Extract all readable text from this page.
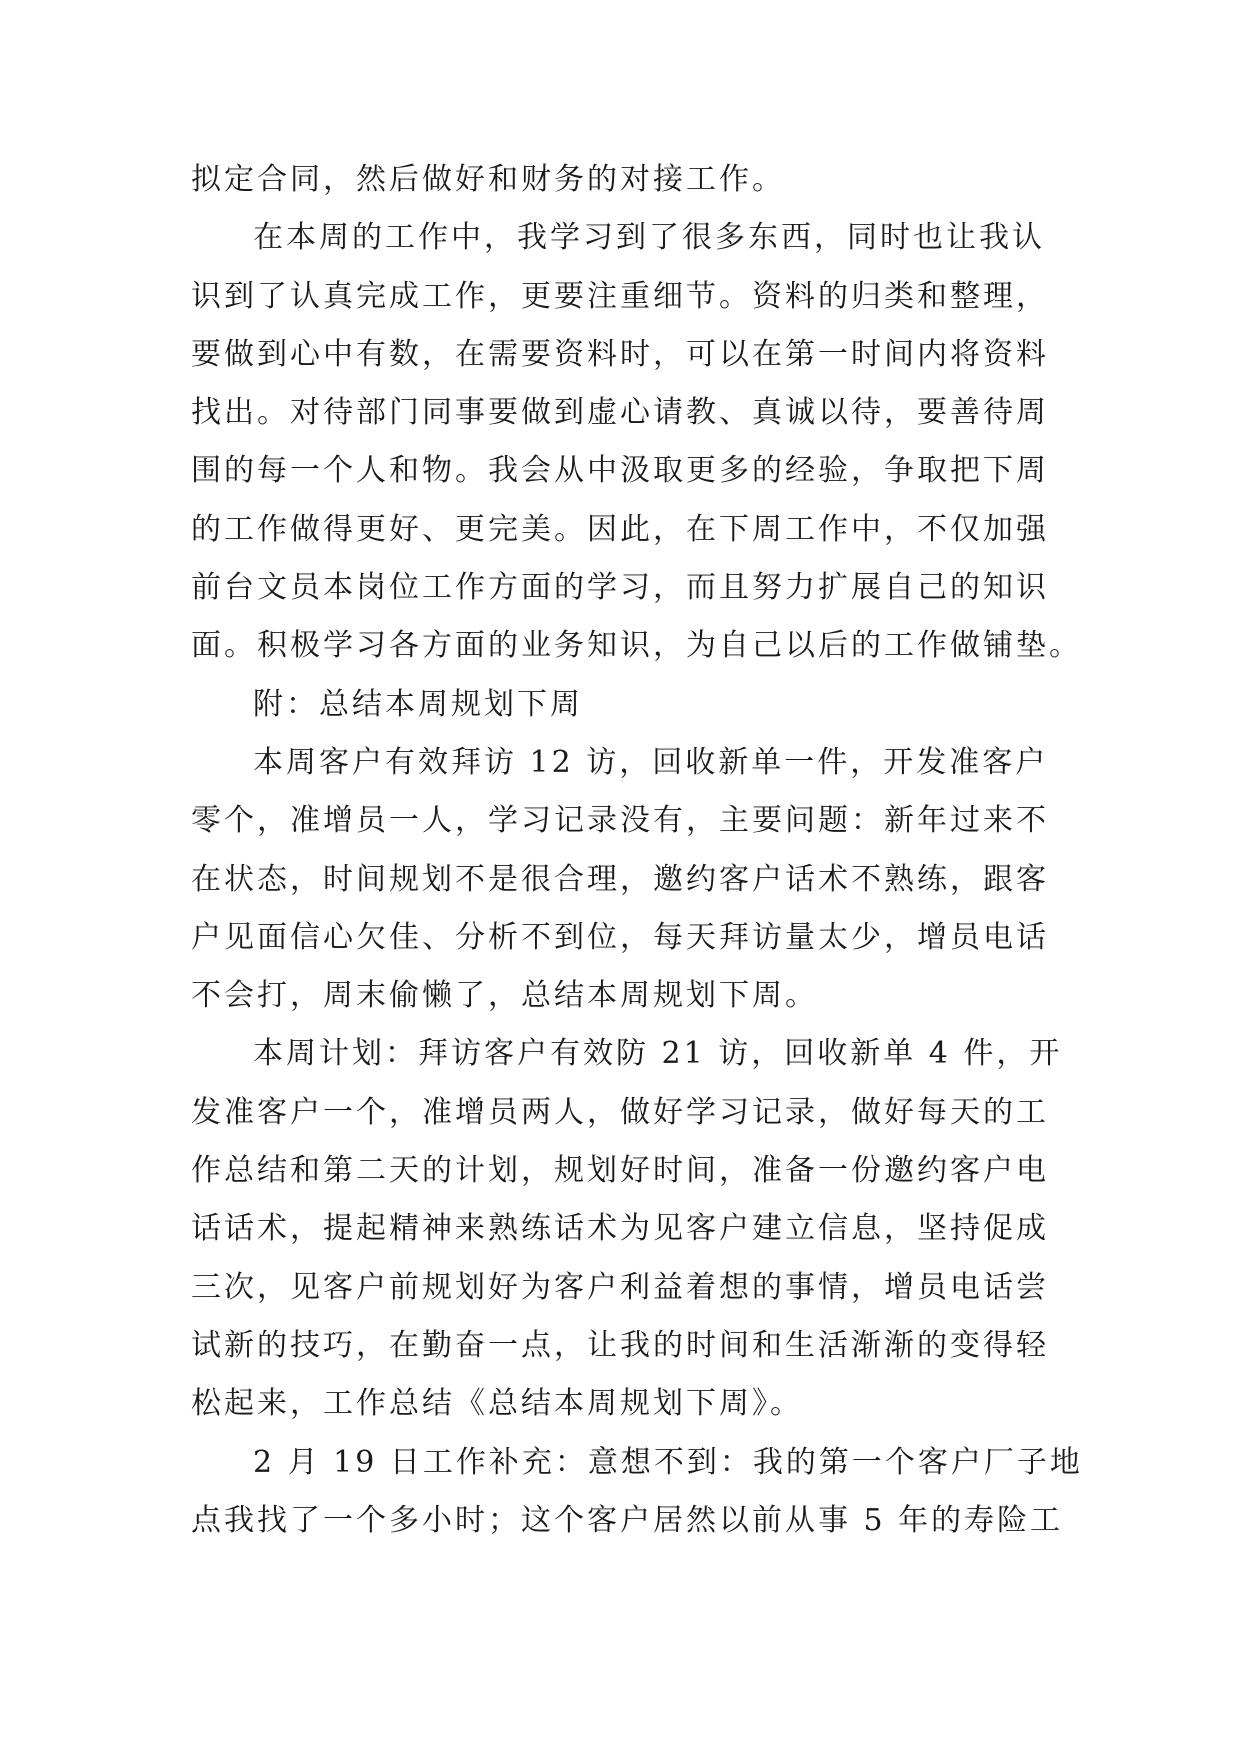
拟定合同，然后做好和财务的对接工作。
在本周的工作中，我学习到了很多东西，同时也让我认
识到了认真完成工作，更要注重细节。资料的归类和整理，
要做到心中有数，在需要资料时，可以在第一时间内将资料
找出。对待部门同事要做到虚心请教、真诚以待，要善待周
围的每一个人和物。我会从中汲取更多的经验，争取把下周
的工作做得更好、更完美。因此，在下周工作中，不仅加强
前台文员本岗位工作方面的学习，而且努力扩展自己的知识
面。积极学习各方面的业务知识，为自己以后的工作做铺垫。
附：总结本周规划下周
本周客户有效拜访 12 访，回收新单一件，开发准客户
零个，准增员一人，学习记录没有，主要问题：新年过来不
在状态，时间规划不是很合理，邀约客户话术不熟练，跟客
户见面信心欠佳、分析不到位，每天拜访量太少，增员电话
不会打，周末偷懒了，总结本周规划下周。
本周计划：拜访客户有效防 21 访，回收新单 4 件，开
发准客户一个，准增员两人，做好学习记录，做好每天的工
作总结和第二天的计划，规划好时间，准备一份邀约客户电
话话术，提起精神来熟练话术为见客户建立信息，坚持促成
三次，见客户前规划好为客户利益着想的事情，增员电话尝
试新的技巧，在勤奋一点，让我的时间和生活渐渐的变得轻
松起来，工作总结《总结本周规划下周》。
2 月 19 日工作补充：意想不到：我的第一个客户厂子地
点我找了一个多小时；这个客户居然以前从事 5 年的寿险工
